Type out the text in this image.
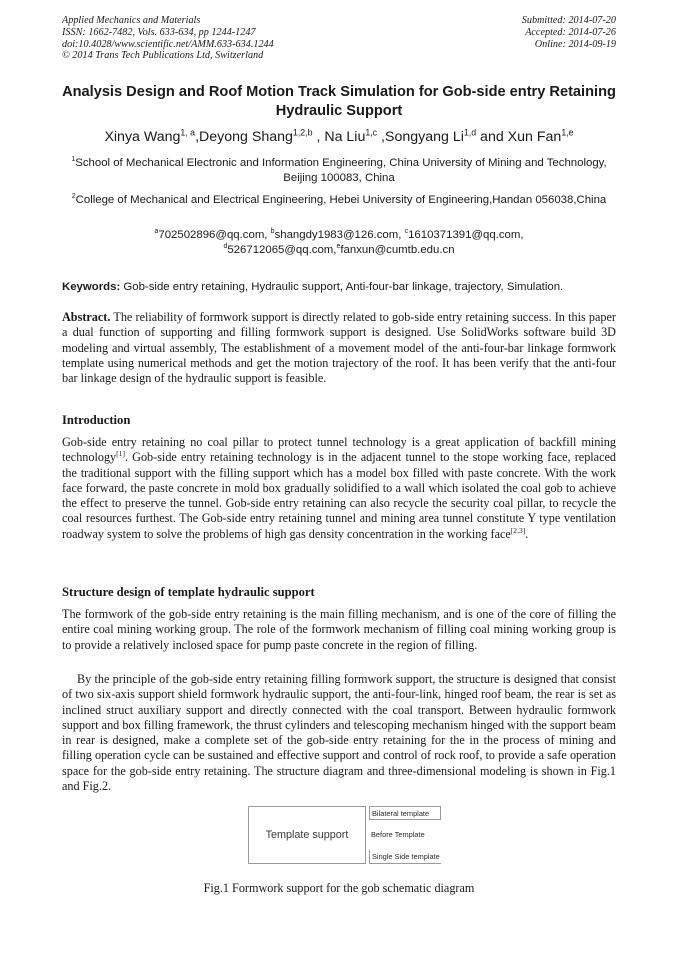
Applied Mechanics and Materials
ISSN: 1662-7482, Vols. 633-634, pp 1244-1247
doi:10.4028/www.scientific.net/AMM.633-634.1244
© 2014 Trans Tech Publications Ltd, Switzerland
Submitted: 2014-07-20
Accepted: 2014-07-26
Online: 2014-09-19
Analysis Design and Roof Motion Track Simulation for Gob-side entry Retaining Hydraulic Support
Xinya Wang$^{1, a}$,Deyong Shang$^{1,2,b}$ , Na Liu$^{1,c}$ ,Songyang Li$^{1,d}$ and Xun Fan$^{1,e}$
$^1$School of Mechanical Electronic and Information Engineering, China University of Mining and Technology, Beijing 100083, China
$^2$College of Mechanical and Electrical Engineering, Hebei University of Engineering,Handan 056038,China
$^a$702502896@qq.com, $^b$shangdy1983@126.com, $^c$1610371391@qq.com,
$^d$526712065@qq.com,$^e$fanxun@cumtb.edu.cn
Keywords: Gob-side entry retaining, Hydraulic support, Anti-four-bar linkage, trajectory, Simulation.
Abstract. The reliability of formwork support is directly related to gob-side entry retaining success. In this paper a dual function of supporting and filling formwork support is designed. Use SolidWorks software build 3D modeling and virtual assembly, The establishment of a movement model of the anti-four-bar linkage formwork template using numerical methods and get the motion trajectory of the roof. It has been verify that the anti-four bar linkage design of the hydraulic support is feasible.
Introduction
Gob-side entry retaining no coal pillar to protect tunnel technology is a great application of backfill mining technology[1]. Gob-side entry retaining technology is in the adjacent tunnel to the stope working face, replaced the traditional support with the filling support which has a model box filled with paste concrete. With the work face forward, the paste concrete in mold box gradually solidified to a wall which isolated the coal gob to achieve the effect to preserve the tunnel. Gob-side entry retaining can also recycle the security coal pillar, to recycle the coal resources furthest. The Gob-side entry retaining tunnel and mining area tunnel constitute Y type ventilation roadway system to solve the problems of high gas density concentration in the working face[2,3].
Structure design of template hydraulic support
The formwork of the gob-side entry retaining is the main filling mechanism, and is one of the core of filling the entire coal mining working group. The role of the formwork mechanism of filling coal mining working group is to provide a relatively inclosed space for pump paste concrete in the region of filling.
By the principle of the gob-side entry retaining filling formwork support, the structure is designed that consist of two six-axis support shield formwork hydraulic support, the anti-four-link, hinged roof beam, the rear is set as inclined struct auxiliary support and directly connected with the coal transport. Between hydraulic formwork support and box filling framework, the thrust cylinders and telescoping mechanism hinged with the support beam in rear is designed, make a complete set of the gob-side entry retaining for the in the process of mining and filling operation cycle can be sustained and effective support and control of rock roof, to provide a safe operation space for the gob-side entry retaining. The structure diagram and three-dimensional modeling is shown in Fig.1 and Fig.2.
Template support
Bilateral template
Before Template
Single Side template
Fig.1 Formwork support for the gob schematic diagram
